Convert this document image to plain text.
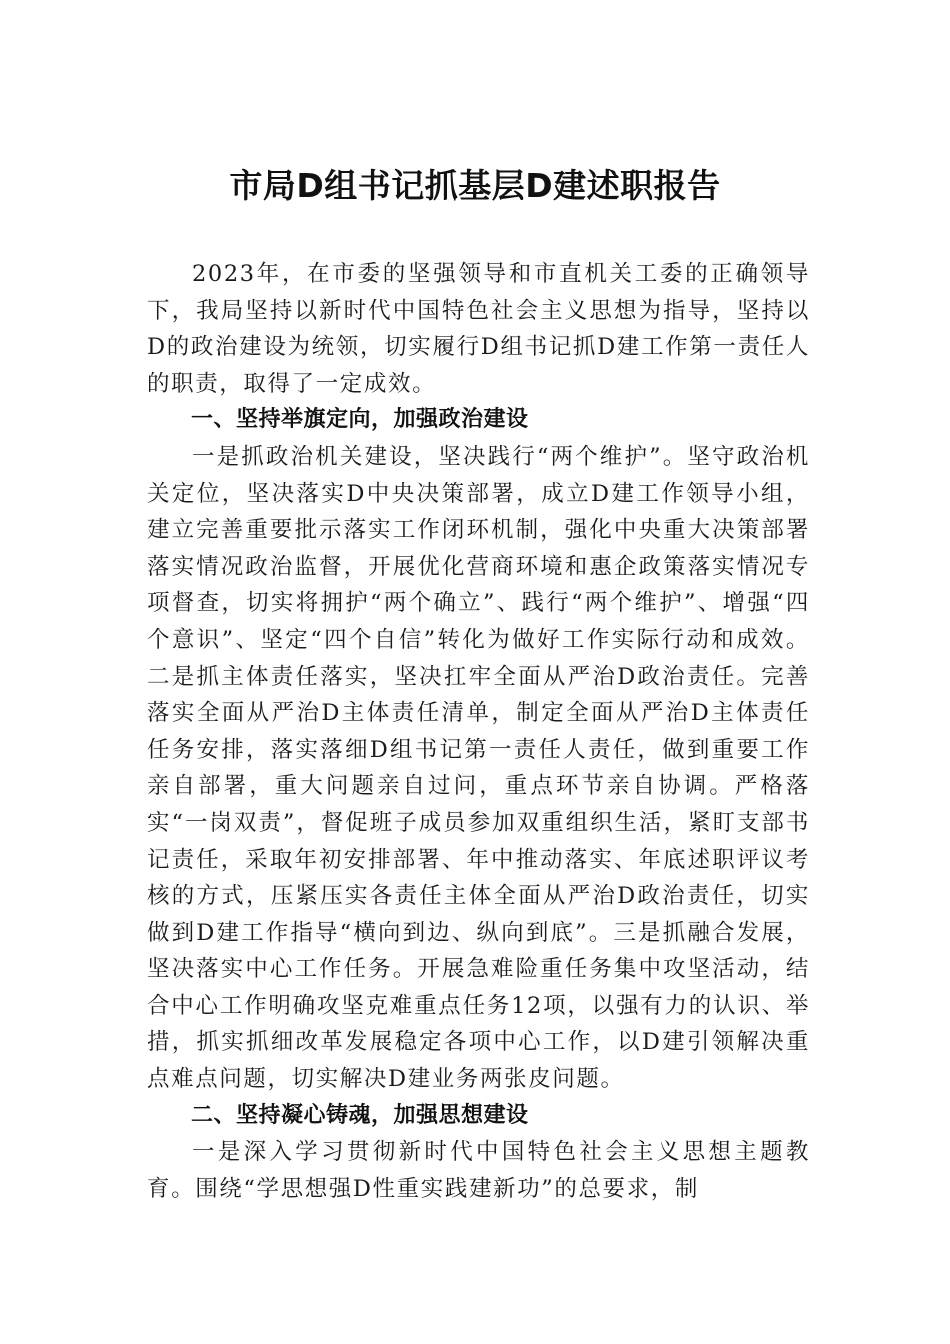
市局D组书记抓基层D建述职报告

2023年，在市委的坚强领导和市直机关工委的正确领导下，我局坚持以新时代中国特色社会主义思想为指导，坚持以D的政治建设为统领，切实履行D组书记抓D建工作第一责任人的职责，取得了一定成效。

一、坚持举旗定向，加强政治建设

一是抓政治机关建设，坚决践行“两个维护”。坚守政治机关定位，坚决落实D中央决策部署，成立D建工作领导小组，建立完善重要批示落实工作闭环机制，强化中央重大决策部署落实情况政治监督，开展优化营商环境和惠企政策落实情况专项督查，切实将拥护“两个确立”、践行“两个维护”、增强“四个意识”、坚定“四个自信”转化为做好工作实际行动和成效。二是抓主体责任落实，坚决扛牢全面从严治D政治责任。完善落实全面从严治D主体责任清单，制定全面从严治D主体责任任务安排，落实落细D组书记第一责任人责任，做到重要工作亲自部署，重大问题亲自过问，重点环节亲自协调。严格落实“一岗双责”，督促班子成员参加双重组织生活，紧盯支部书记责任，采取年初安排部署、年中推动落实、年底述职评议考核的方式，压紧压实各责任主体全面从严治D政治责任，切实做到D建工作指导“横向到边、纵向到底”。三是抓融合发展，坚决落实中心工作任务。开展急难险重任务集中攻坚活动，结合中心工作明确攻坚克难重点任务12项，以强有力的认识、举措，抓实抓细改革发展稳定各项中心工作，以D建引领解决重点难点问题，切实解决D建业务两张皮问题。

二、坚持凝心铸魂，加强思想建设

一是深入学习贯彻新时代中国特色社会主义思想主题教育。围绕“学思想强D性重实践建新功”的总要求，制
